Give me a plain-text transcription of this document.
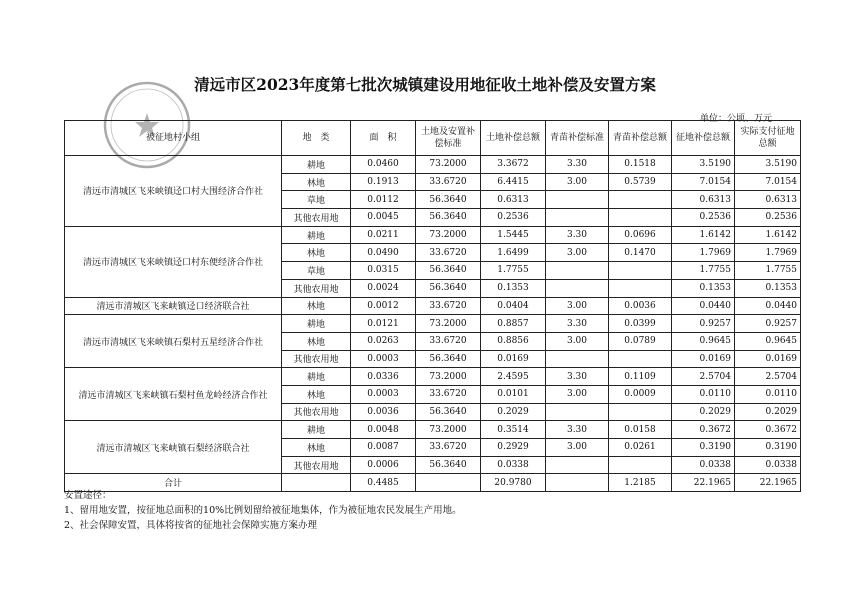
清远市区2023年度第七批次城镇建设用地征收土地补偿及安置方案
单位：公顷、万元
被征地村小组	地　类	面　积	土地及安置补偿标准	土地补偿总额	青苗补偿标准	青苗补偿总额	征地补偿总额	实际支付征地总额
清远市清城区飞来峡镇迳口村大围经济合作社	耕地	0.0460	73.2000	3.3672	3.30	0.1518	3.5190	3.5190
	林地	0.1913	33.6720	6.4415	3.00	0.5739	7.0154	7.0154
	草地	0.0112	56.3640	0.6313			0.6313	0.6313
	其他农用地	0.0045	56.3640	0.2536			0.2536	0.2536
清远市清城区飞来峡镇迳口村东便经济合作社	耕地	0.0211	73.2000	1.5445	3.30	0.0696	1.6142	1.6142
	林地	0.0490	33.6720	1.6499	3.00	0.1470	1.7969	1.7969
	草地	0.0315	56.3640	1.7755			1.7755	1.7755
	其他农用地	0.0024	56.3640	0.1353			0.1353	0.1353
清远市清城区飞来峡镇迳口经济联合社	林地	0.0012	33.6720	0.0404	3.00	0.0036	0.0440	0.0440
清远市清城区飞来峡镇石梨村五星经济合作社	耕地	0.0121	73.2000	0.8857	3.30	0.0399	0.9257	0.9257
	林地	0.0263	33.6720	0.8856	3.00	0.0789	0.9645	0.9645
	其他农用地	0.0003	56.3640	0.0169			0.0169	0.0169
清远市清城区飞来峡镇石梨村鱼龙岭经济合作社	耕地	0.0336	73.2000	2.4595	3.30	0.1109	2.5704	2.5704
	林地	0.0003	33.6720	0.0101	3.00	0.0009	0.0110	0.0110
	其他农用地	0.0036	56.3640	0.2029			0.2029	0.2029
清远市清城区飞来峡镇石梨经济联合社	耕地	0.0048	73.2000	0.3514	3.30	0.0158	0.3672	0.3672
	林地	0.0087	33.6720	0.2929	3.00	0.0261	0.3190	0.3190
	其他农用地	0.0006	56.3640	0.0338			0.0338	0.0338
合计		0.4485		20.9780		1.2185	22.1965	22.1965
安置途径：
1、留用地安置，按征地总面积的10%比例划留给被征地集体，作为被征地农民发展生产用地。
2、社会保障安置，具体将按省的征地社会保障实施方案办理
